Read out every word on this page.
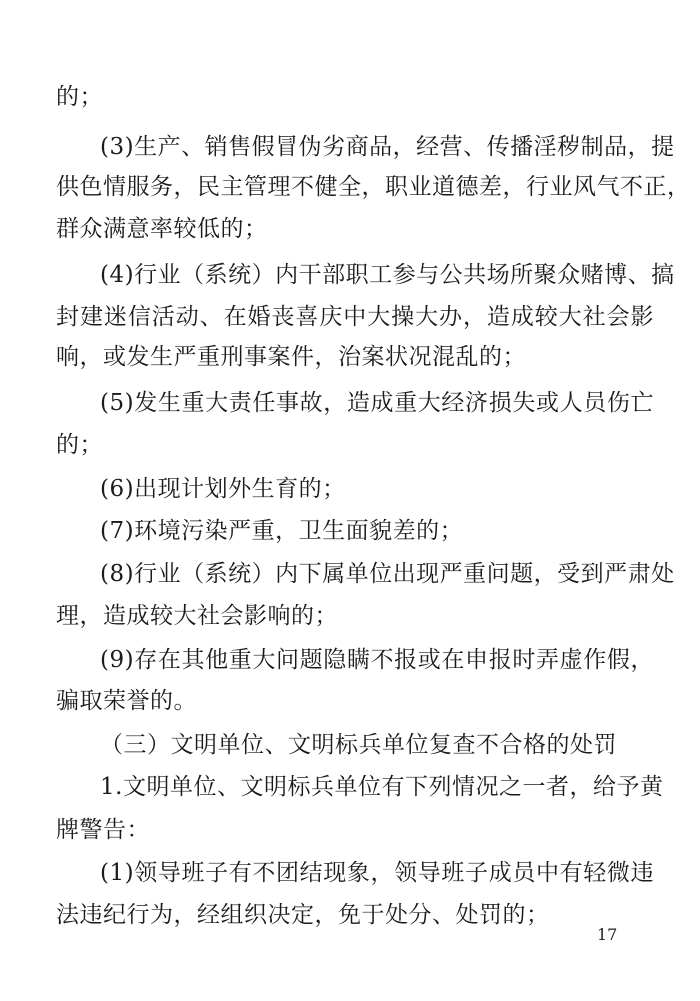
的；
(3)生产、销售假冒伪劣商品，经营、传播淫秽制品，提
供色情服务，民主管理不健全，职业道德差，行业风气不正，
群众满意率较低的；
(4)行业（系统）内干部职工参与公共场所聚众赌博、搞
封建迷信活动、在婚丧喜庆中大操大办，造成较大社会影
响，或发生严重刑事案件，治案状况混乱的；
(5)发生重大责任事故，造成重大经济损失或人员伤亡
的；
(6)出现计划外生育的；
(7)环境污染严重，卫生面貌差的；
(8)行业（系统）内下属单位出现严重问题，受到严肃处
理，造成较大社会影响的；
(9)存在其他重大问题隐瞒不报或在申报时弄虚作假，
骗取荣誉的。
（三）文明单位、文明标兵单位复查不合格的处罚
1.文明单位、文明标兵单位有下列情况之一者，给予黄
牌警告：
(1)领导班子有不团结现象，领导班子成员中有轻微违
法违纪行为，经组织决定，免于处分、处罚的；
17
